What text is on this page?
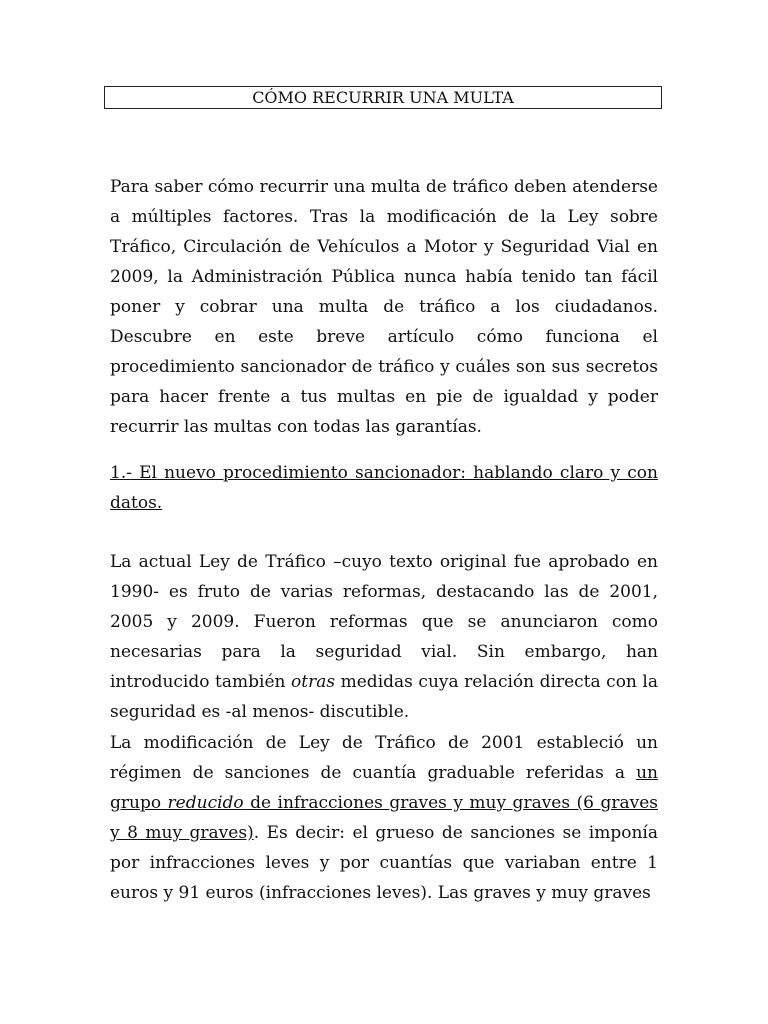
CÓMO RECURRIR UNA MULTA

Para saber cómo recurrir una multa de tráfico deben atenderse a múltiples factores. Tras la modificación de la Ley sobre Tráfico, Circulación de Vehículos a Motor y Seguridad Vial en 2009, la Administración Pública nunca había tenido tan fácil poner y cobrar una multa de tráfico a los ciudadanos. Descubre en este breve artículo cómo funciona el procedimiento sancionador de tráfico y cuáles son sus secretos para hacer frente a tus multas en pie de igualdad y poder recurrir las multas con todas las garantías.

1.- El nuevo procedimiento sancionador: hablando claro y con datos.

La actual Ley de Tráfico –cuyo texto original fue aprobado en 1990- es fruto de varias reformas, destacando las de 2001, 2005 y 2009. Fueron reformas que se anunciaron como necesarias para la seguridad vial. Sin embargo, han introducido también otras medidas cuya relación directa con la seguridad es -al menos- discutible.

La modificación de Ley de Tráfico de 2001 estableció un régimen de sanciones de cuantía graduable referidas a un grupo reducido de infracciones graves y muy graves (6 graves y 8 muy graves). Es decir: el grueso de sanciones se imponía por infracciones leves y por cuantías que variaban entre 1 euros y 91 euros (infracciones leves). Las graves y muy graves
